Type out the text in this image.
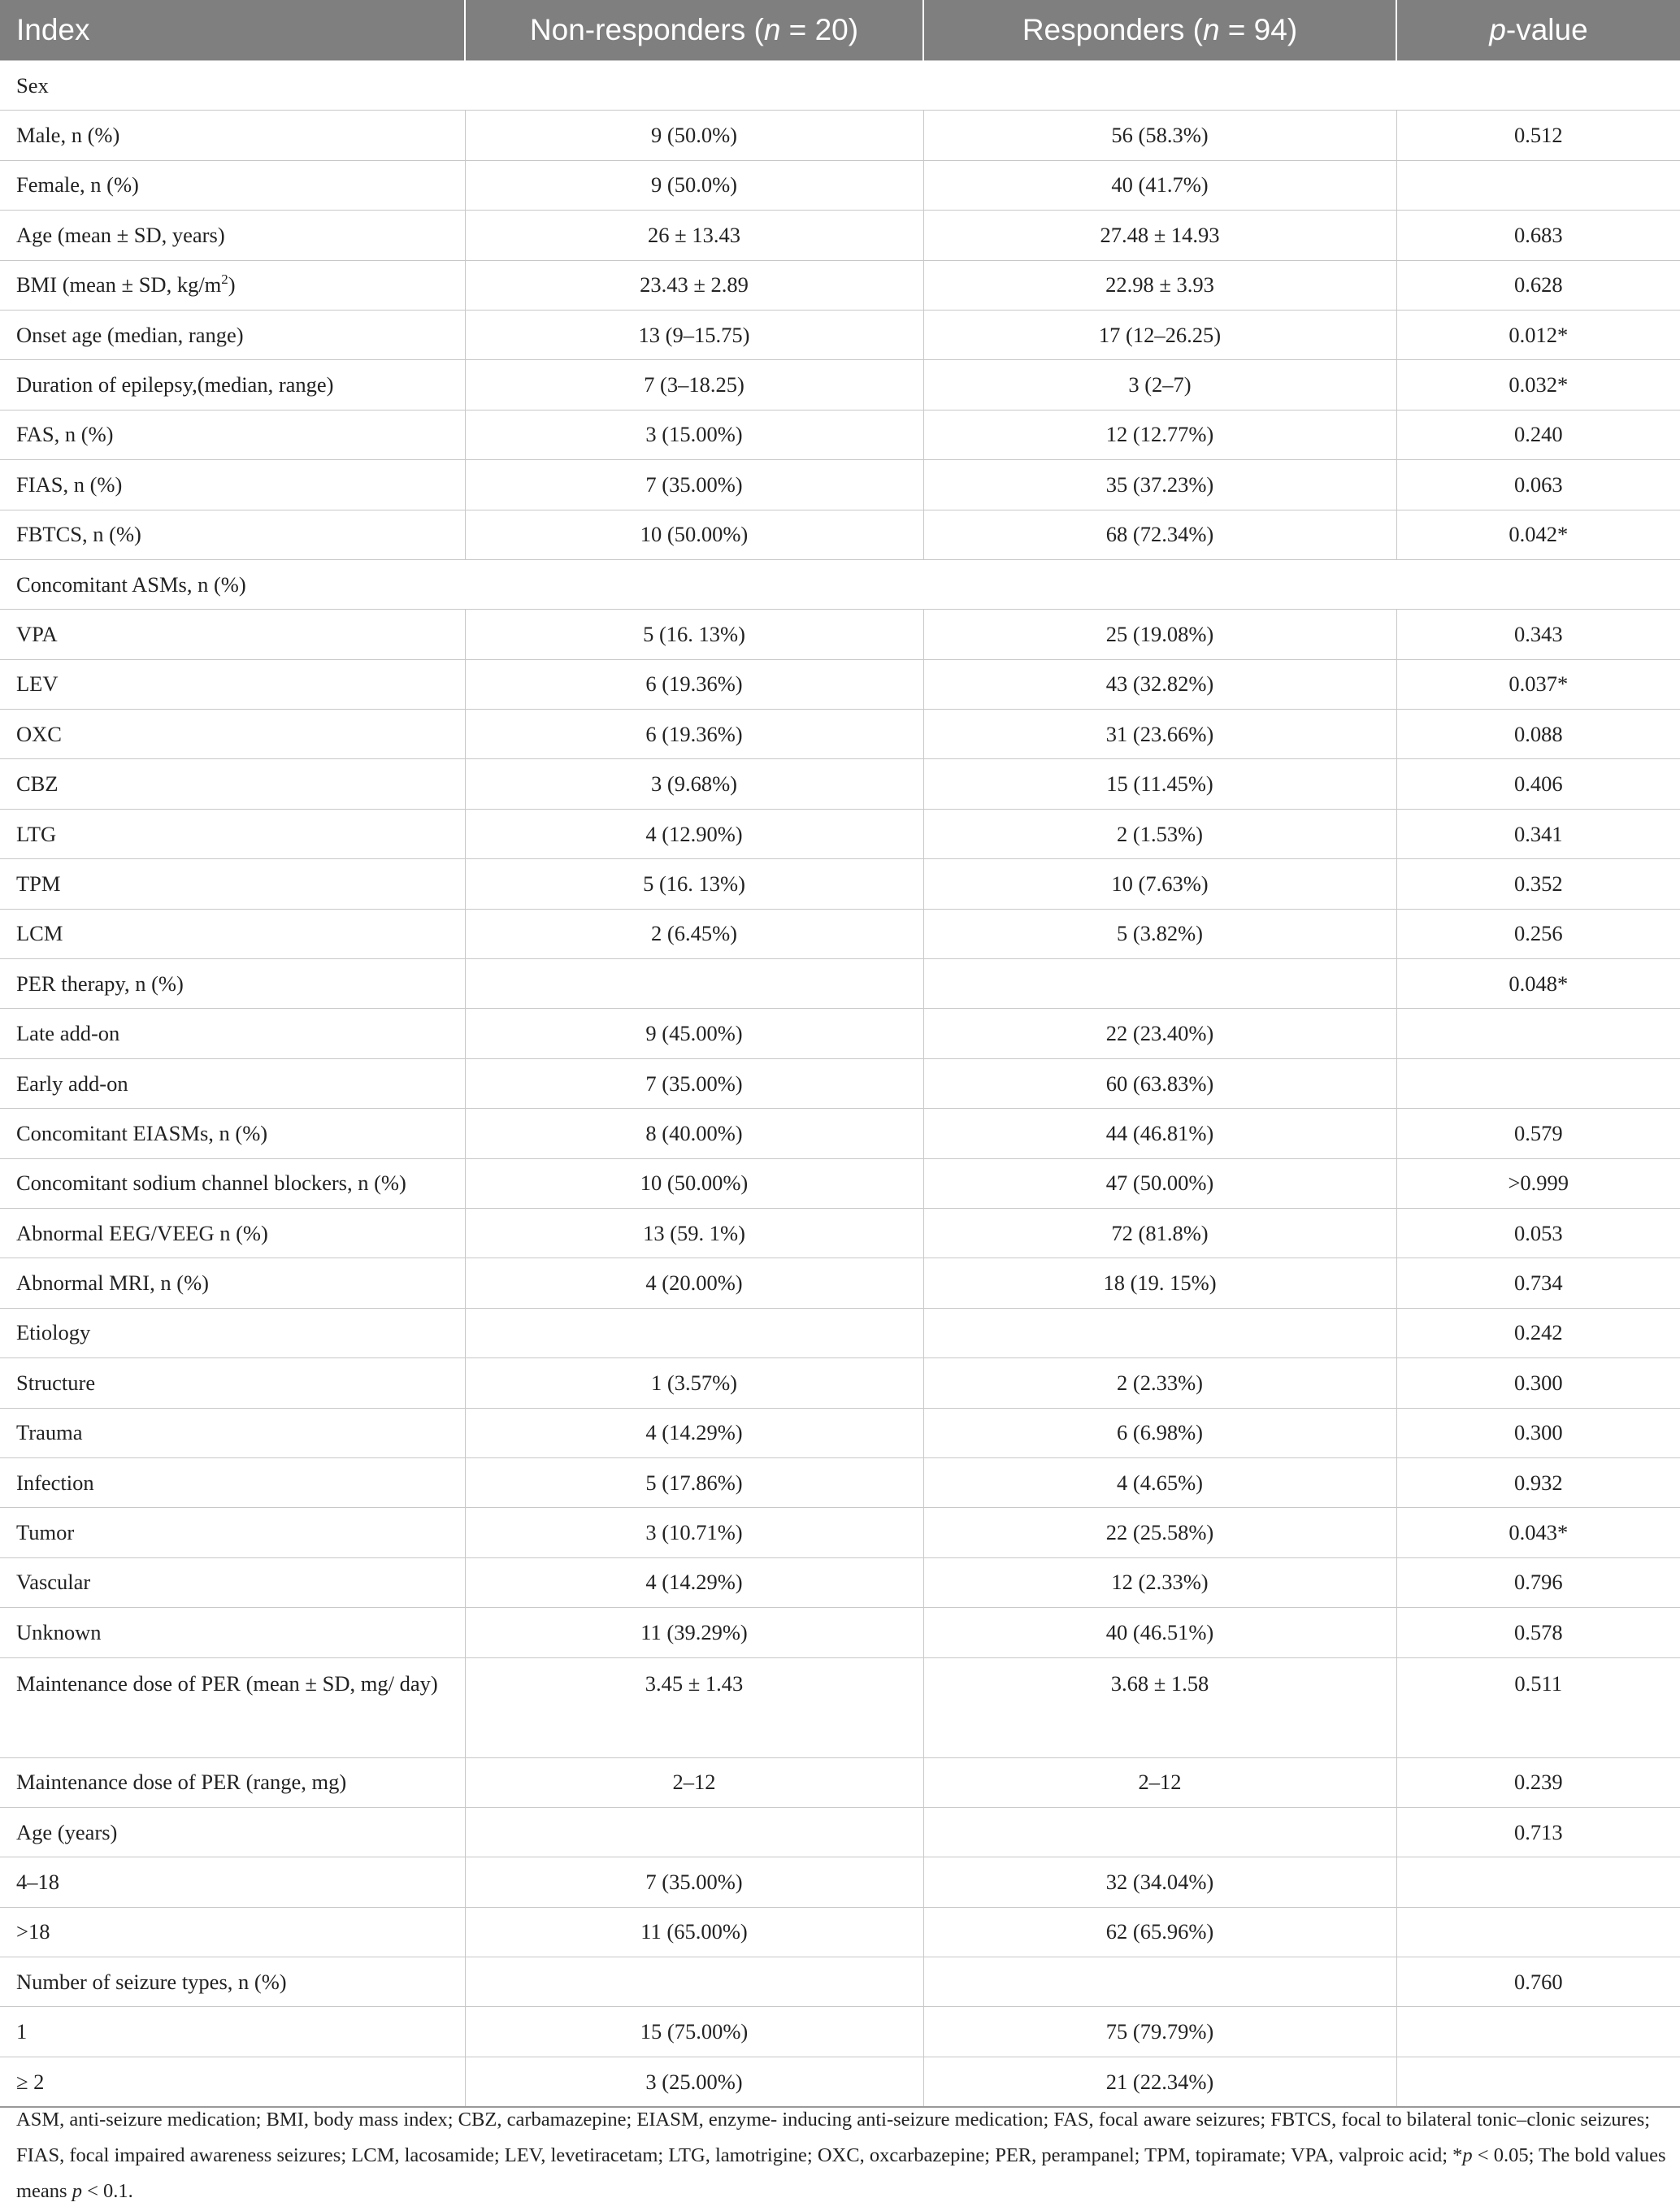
Index	Non-responders (n = 20)	Responders (n = 94)	p-value
Sex			
Male, n (%)	9 (50.0%)	56 (58.3%)	0.512
Female, n (%)	9 (50.0%)	40 (41.7%)	
Age (mean ± SD, years)	26 ± 13.43	27.48 ± 14.93	0.683
BMI (mean ± SD, $kg/m^2$)	23.43 ± 2.89	22.98 ± 3.93	0.628
Onset age (median, range)	13 (9–15.75)	17 (12–26.25)	0.012*
Duration of epilepsy,(median, range)	7 (3–18.25)	3 (2–7)	0.032*
FAS, n (%)	3 (15.00%)	12 (12.77%)	0.240
FIAS, n (%)	7 (35.00%)	35 (37.23%)	0.063
FBTCS, n (%)	10 (50.00%)	68 (72.34%)	0.042*
Concomitant ASMs, n (%)			
VPA	5 (16. 13%)	25 (19.08%)	0.343
LEV	6 (19.36%)	43 (32.82%)	0.037*
OXC	6 (19.36%)	31 (23.66%)	0.088
CBZ	3 (9.68%)	15 (11.45%)	0.406
LTG	4 (12.90%)	2 (1.53%)	0.341
TPM	5 (16. 13%)	10 (7.63%)	0.352
LCM	2 (6.45%)	5 (3.82%)	0.256
PER therapy, n (%)			0.048*
Late add-on	9 (45.00%)	22 (23.40%)	
Early add-on	7 (35.00%)	60 (63.83%)	
Concomitant EIASMs, n (%)	8 (40.00%)	44 (46.81%)	0.579
Concomitant sodium channel blockers, n (%)	10 (50.00%)	47 (50.00%)	>0.999
Abnormal EEG/VEEG n (%)	13 (59. 1%)	72 (81.8%)	0.053
Abnormal MRI, n (%)	4 (20.00%)	18 (19. 15%)	0.734
Etiology			0.242
Structure	1 (3.57%)	2 (2.33%)	0.300
Trauma	4 (14.29%)	6 (6.98%)	0.300
Infection	5 (17.86%)	4 (4.65%)	0.932
Tumor	3 (10.71%)	22 (25.58%)	0.043*
Vascular	4 (14.29%)	12 (2.33%)	0.796
Unknown	11 (39.29%)	40 (46.51%)	0.578
Maintenance dose of PER (mean ± SD, mg/ day)	3.45 ± 1.43	3.68 ± 1.58	0.511
Maintenance dose of PER (range, mg)	2–12	2–12	0.239
Age (years)			0.713
4–18	7 (35.00%)	32 (34.04%)	
>18	11 (65.00%)	62 (65.96%)	
Number of seizure types, n (%)			0.760
1	15 (75.00%)	75 (79.79%)	
≥ 2	3 (25.00%)	21 (22.34%)	
ASM, anti-seizure medication; BMI, body mass index; CBZ, carbamazepine; EIASM, enzyme- inducing anti-seizure medication; FAS, focal aware seizures; FBTCS, focal to bilateral tonic–clonic seizures; FIAS, focal impaired awareness seizures; LCM, lacosamide; LEV, levetiracetam; LTG, lamotrigine; OXC, oxcarbazepine; PER, perampanel; TPM, topiramate; VPA, valproic acid; *p < 0.05; The bold values means p < 0.1.
